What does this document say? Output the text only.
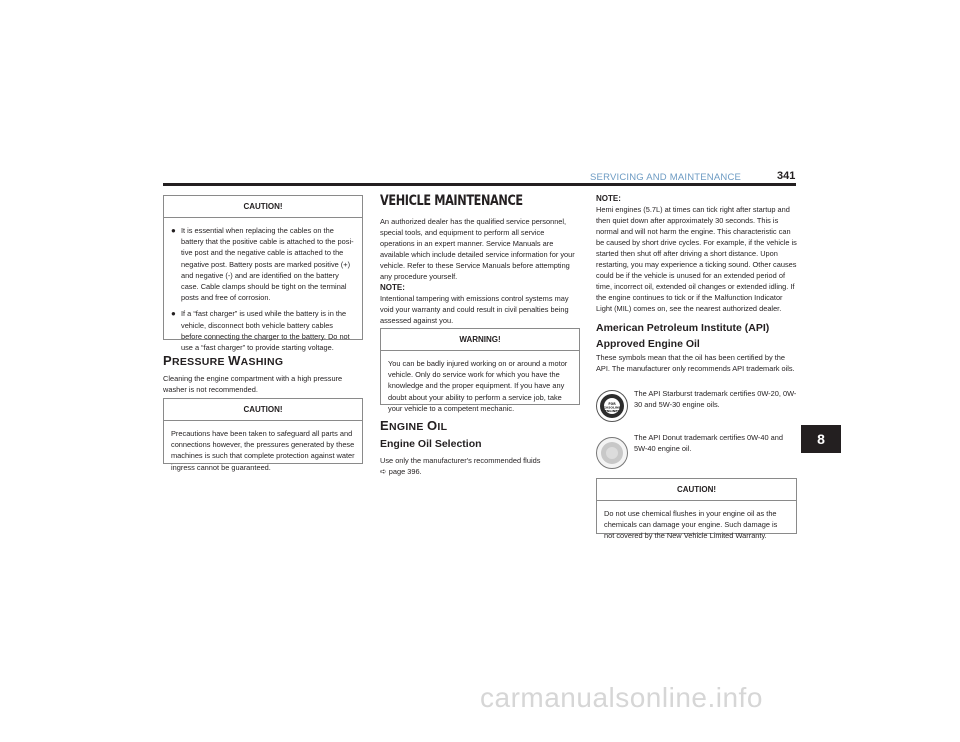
SERVICING AND MAINTENANCE	341
8
CAUTION!
● It is essential when replacing the cables on the battery that the positive cable is attached to the posi-tive post and the negative cable is attached to the negative post. Battery posts are marked positive (+) and negative (-) and are identified on the battery case. Cable clamps should be tight on the terminal posts and free of corrosion.
● If a “fast charger” is used while the battery is in the vehicle, disconnect both vehicle battery cables before connecting the charger to the battery. Do not use a “fast charger” to provide starting voltage.
PRESSURE WASHING
Cleaning the engine compartment with a high pressure washer is not recommended.
CAUTION!
Precautions have been taken to safeguard all parts and connections however, the pressures generated by these machines is such that complete protection against water ingress cannot be guaranteed.
VEHICLE MAINTENANCE
An authorized dealer has the qualified service personnel, special tools, and equipment to perform all service operations in an expert manner. Service Manuals are available which include detailed service information for your vehicle. Refer to these Service Manuals before attempting any procedure yourself.
NOTE:
Intentional tampering with emissions control systems may void your warranty and could result in civil penalties being assessed against you.
WARNING!
You can be badly injured working on or around a motor vehicle. Only do service work for which you have the knowledge and the proper equipment. If you have any doubt about your ability to perform a service job, take your vehicle to a competent mechanic.
ENGINE OIL
Engine Oil Selection
Use only the manufacturer's recommended fluids
➪ page 396.
NOTE:
Hemi engines (5.7L) at times can tick right after startup and then quiet down after approximately 30 seconds. This is normal and will not harm the engine. This characteristic can be caused by short drive cycles. For example, if the vehicle is started then shut off after driving a short distance. Upon restarting, you may experience a ticking sound. Other causes could be if the vehicle is unused for an extended period of time, incorrect oil, extended oil changes or extended idling. If the engine continues to tick or if the Malfunction Indicator Light (MIL) comes on, see the nearest authorized dealer.
American Petroleum Institute (API) Approved Engine Oil
These symbols mean that the oil has been certified by the API. The manufacturer only recommends API trademark oils.
FOR
GASOLINE
ENGINES
The API Starburst trademark certifies 0W-20, 0W-30 and 5W-30 engine oils.
The API Donut trademark certifies 0W-40 and 5W-40 engine oil.
CAUTION!
Do not use chemical flushes in your engine oil as the chemicals can damage your engine. Such damage is not covered by the New Vehicle Limited Warranty.
carmanualsonline.info
